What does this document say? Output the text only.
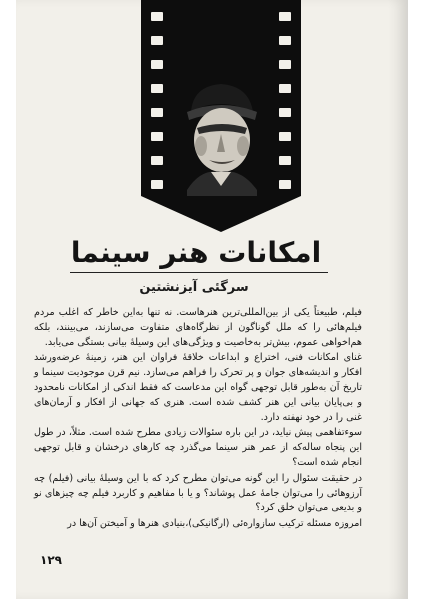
امکانات هنر سینما
سرگئی آیزنشتین

فیلم، طبیعتاً یکی از بین‌المللی‌ترین هنرهاست. نه تنها به‌این خاطر که اغلب مردم فیلم‌هائی را که ملل گوناگون از نظرگاه‌های متفاوت می‌سازند، می‌بینند، بلکه هم‌اخواهی عموم، بیش‌تر به‌خاصیت و ویژگی‌های این وسیلهٔ بیانی بستگی می‌یابد.

غنای امکانات فنی، اختراع و ابداعات خلاقهٔ فراوان این هنر، زمینهٔ عرضه‌ورشد افکار و اندیشه‌های جوان و پر تحرک را فراهم می‌سازد. نیم قرن موجودیت سینما و تاریخ آن به‌طور قابل توجهی گواه این مدعاست که فقط اندکی از امکانات نامحدود و بی‌پایان بیانی این هنر کشف شده است. هنری که جهانی از افکار و آرمان‌های غنی را در خود نهفته دارد.

سوء‌تفاهمی پیش نیاید، در این باره سئوالات زیادی مطرح شده است. مثلاً، در طول این پنجاه ساله‌که از عمر هنر سینما می‌گذرد چه کارهای درخشان و قابل توجهی انجام شده است؟

در حقیقت سئوال را این گونه می‌توان مطرح کرد که با این وسیلهٔ بیانی (فیلم) چه آرزوهائی را می‌توان جامهٔ عمل پوشاند؟ و یا با مفاهیم و کاربرد فیلم چه چیزهای نو و بدیعی می‌توان خلق کرد؟

امروزه مسئله ترکیب سازواره‌ئی (ارگانیکی)،بنیادی هنرها و آمیختن آن‌ها در

۱۲۹
